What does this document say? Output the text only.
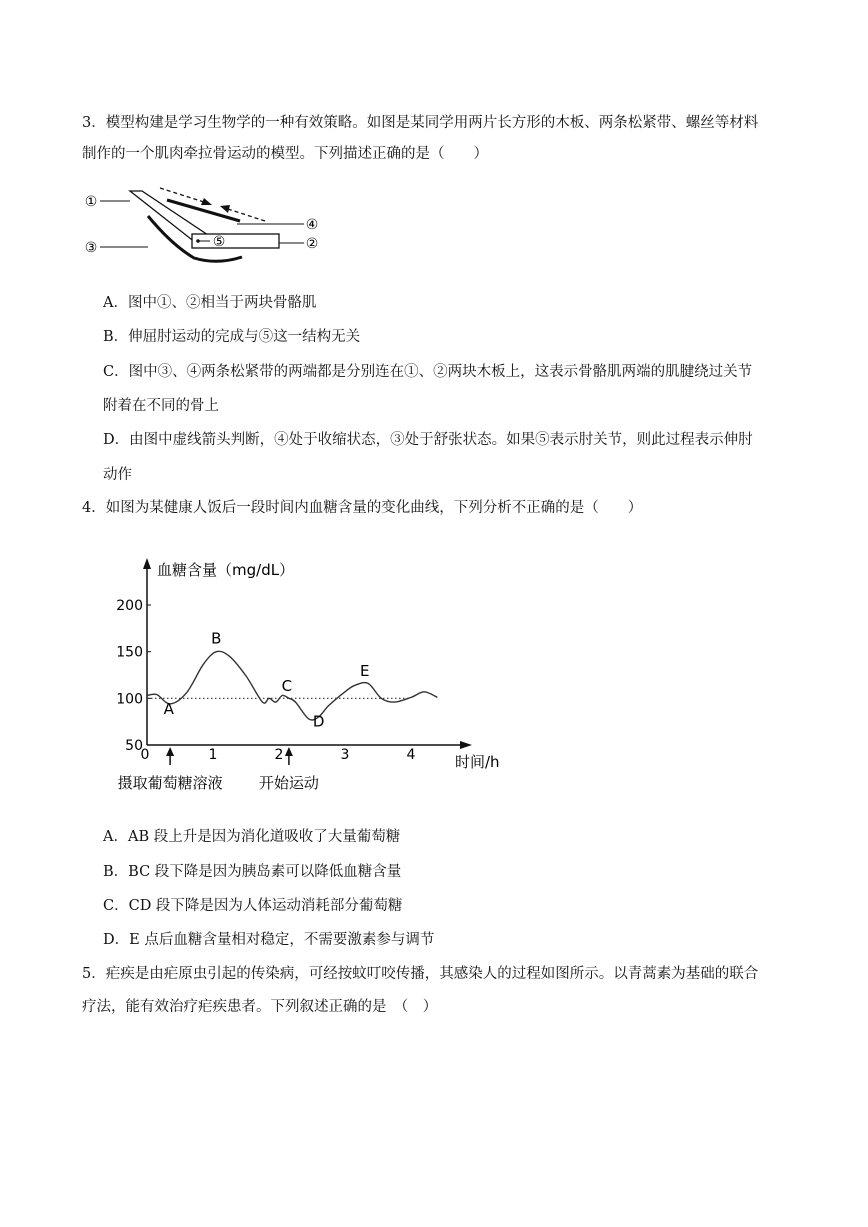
3．模型构建是学习生物学的一种有效策略。如图是某同学用两片长方形的木板、两条松紧带、螺丝等材料
制作的一个肌肉牵拉骨运动的模型。下列描述正确的是（　　）
①
②
③
④
⑤
A．图中①、②相当于两块骨骼肌
B．伸屈肘运动的完成与⑤这一结构无关
C．图中③、④两条松紧带的两端都是分别连在①、②两块木板上，这表示骨骼肌两端的肌腱绕过关节
附着在不同的骨上
D．由图中虚线箭头判断，④处于收缩状态，③处于舒张状态。如果⑤表示肘关节，则此过程表示伸肘
动作
4．如图为某健康人饭后一段时间内血糖含量的变化曲线，下列分析不正确的是（　　）
血糖含量（mg/dL）
时间/h
50
100
150
200
0	1	2	3	4
A
B
C
D
E
摄取葡萄糖溶液 开始运动
A．AB 段上升是因为消化道吸收了大量葡萄糖
B．BC 段下降是因为胰岛素可以降低血糖含量
C．CD 段下降是因为人体运动消耗部分葡萄糖
D．E 点后血糖含量相对稳定，不需要激素参与调节
5．疟疾是由疟原虫引起的传染病，可经按蚊叮咬传播，其感染人的过程如图所示。以青蒿素为基础的联合
疗法，能有效治疗疟疾患者。下列叙述正确的是　（　）
